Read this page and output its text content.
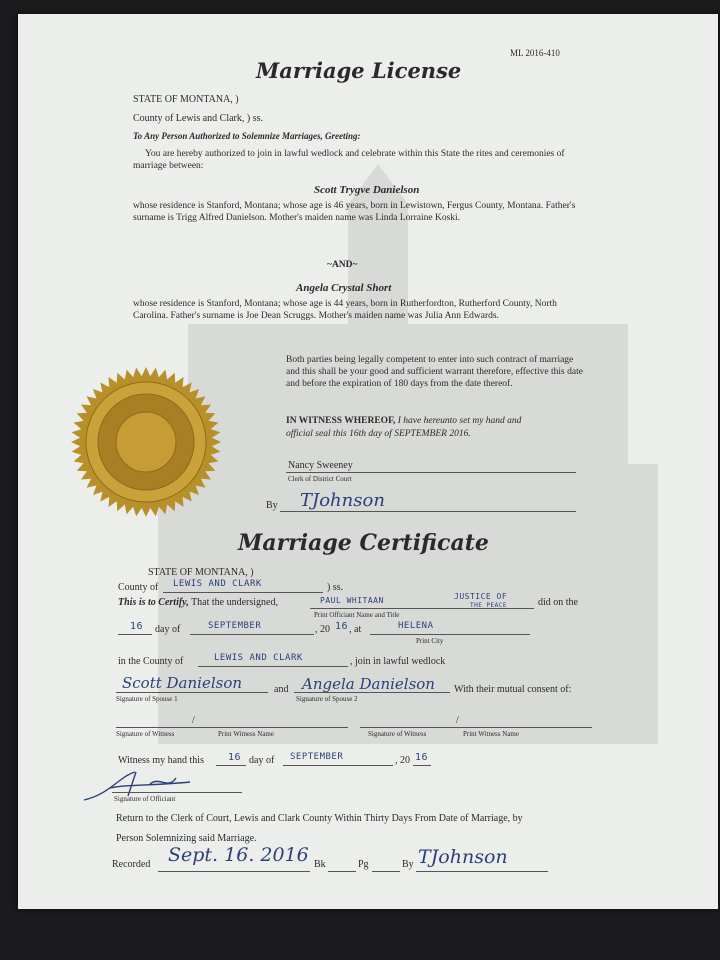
ML 2016-410
Marriage License
STATE OF MONTANA, )
County of Lewis and Clark, ) ss.
To Any Person Authorized to Solemnize Marriages, Greeting:
You are hereby authorized to join in lawful wedlock and celebrate within this State the rites and ceremonies of marriage between:
Scott Trygve Danielson
whose residence is Stanford, Montana; whose age is 46 years, born in Lewistown, Fergus County, Montana. Father's surname is Trigg Alfred Danielson. Mother's maiden name was Linda Lorraine Koski.
~AND~
Angela Crystal Short
whose residence is Stanford, Montana; whose age is 44 years, born in Rutherfordton, Rutherford County, North Carolina. Father's surname is Joe Dean Scruggs. Mother's maiden name was Julia Ann Edwards.
Both parties being legally competent to enter into such contract of marriage and this shall be your good and sufficient warrant therefore, effective this date and before the expiration of 180 days from the date thereof.
IN WITNESS WHEREOF, I have hereunto set my hand and
official seal this 16th day of SEPTEMBER 2016.
Nancy Sweeney
Clerk of District Court
By TJohnson
Marriage Certificate
STATE OF MONTANA, )
County of LEWIS AND CLARK	) ss.
This is to Certify, That the undersigned,	PAUL WHITAAN	JUSTICE OF
THE PEACE	did on the
Print Officiant Name and Title
16 day of	SEPTEMBER	, 20 16 , at	HELENA
Print City
in the County of	LEWIS AND CLARK	, join in lawful wedlock
Scott Danielson	and Angela Danielson With their mutual consent of:
Signature of Spouse 1	Signature of Spouse 2
/	/
Signature of Witness	Print Witness Name	Signature of Witness	Print Witness Name
Witness my hand this 16 day of SEPTEMBER	, 20 16
Signature of Officiant
Return to the Clerk of Court, Lewis and Clark County Within Thirty Days From Date of Marriage, by
Person Solemnizing said Marriage.
Recorded Sept. 16. 2016 Bk	Pg	By TJohnson
